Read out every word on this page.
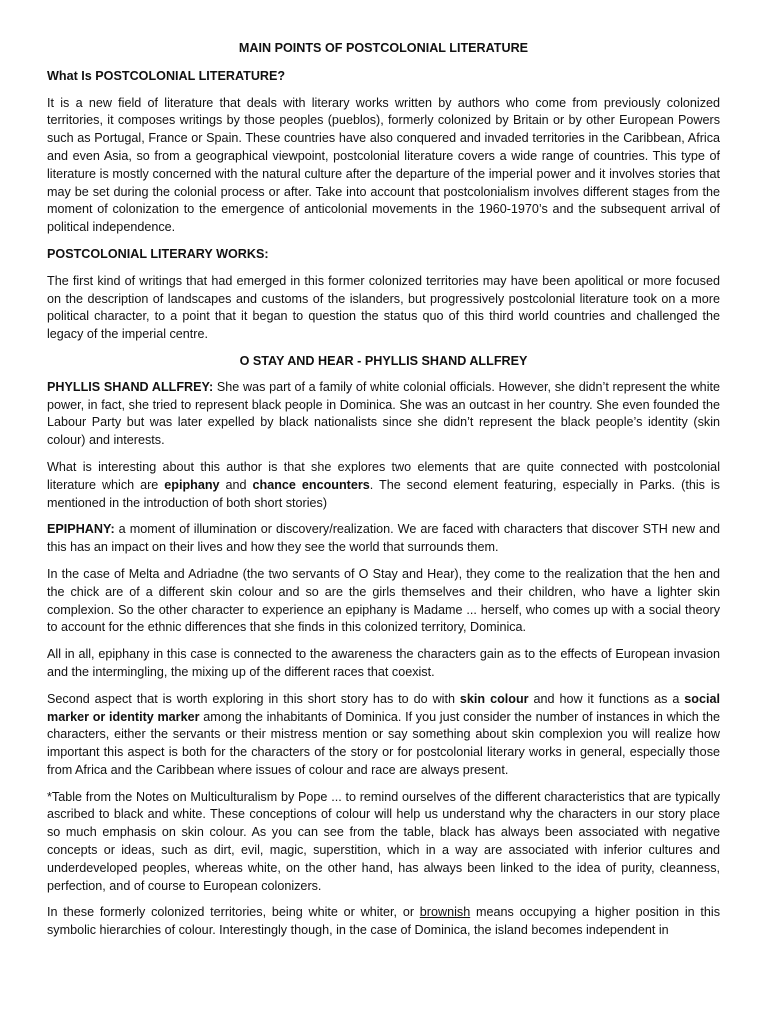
MAIN POINTS OF POSTCOLONIAL LITERATURE
What Is POSTCOLONIAL LITERATURE?

It is a new field of literature that deals with literary works written by authors who come from previously colonized territories, it composes writings by those peoples (pueblos), formerly colonized by Britain or by other European Powers such as Portugal, France or Spain. These countries have also conquered and invaded territories in the Caribbean, Africa and even Asia, so from a geographical viewpoint, postcolonial literature covers a wide range of countries. This type of literature is mostly concerned with the natural culture after the departure of the imperial power and it involves stories that may be set during the colonial process or after. Take into account that postcolonialism involves different stages from the moment of colonization to the emergence of anticolonial movements in the 1960-1970’s and the subsequent arrival of political independence.

POSTCOLONIAL LITERARY WORKS:

The first kind of writings that had emerged in this former colonized territories may have been apolitical or more focused on the description of landscapes and customs of the islanders, but progressively postcolonial literature took on a more political character, to a point that it began to question the status quo of this third world countries and challenged the legacy of the imperial centre.

O STAY AND HEAR - PHYLLIS SHAND ALLFREY

PHYLLIS SHAND ALLFREY: She was part of a family of white colonial officials. However, she didn’t represent the white power, in fact, she tried to represent black people in Dominica. She was an outcast in her country. She even founded the Labour Party but was later expelled by black nationalists since she didn’t represent the black people’s identity (skin colour) and interests.

What is interesting about this author is that she explores two elements that are quite connected with postcolonial literature which are epiphany and chance encounters. The second element featuring, especially in Parks. (this is mentioned in the introduction of both short stories)

EPIPHANY: a moment of illumination or discovery/realization. We are faced with characters that discover STH new and this has an impact on their lives and how they see the world that surrounds them.

In the case of Melta and Adriadne (the two servants of O Stay and Hear), they come to the realization that the hen and the chick are of a different skin colour and so are the girls themselves and their children, who have a lighter skin complexion. So the other character to experience an epiphany is Madame ... herself, who comes up with a social theory to account for the ethnic differences that she finds in this colonized territory, Dominica.

All in all, epiphany in this case is connected to the awareness the characters gain as to the effects of European invasion and the intermingling, the mixing up of the different races that coexist.

Second aspect that is worth exploring in this short story has to do with skin colour and how it functions as a social marker or identity marker among the inhabitants of Dominica. If you just consider the number of instances in which the characters, either the servants or their mistress mention or say something about skin complexion you will realize how important this aspect is both for the characters of the story or for postcolonial literary works in general, especially those from Africa and the Caribbean where issues of colour and race are always present.

*Table from the Notes on Multiculturalism by Pope ... to remind ourselves of the different characteristics that are typically ascribed to black and white. These conceptions of colour will help us understand why the characters in our story place so much emphasis on skin colour. As you can see from the table, black has always been associated with negative concepts or ideas, such as dirt, evil, magic, superstition, which in a way are associated with inferior cultures and underdeveloped peoples, whereas white, on the other hand, has always been linked to the idea of purity, cleanness, perfection, and of course to European colonizers.

In these formerly colonized territories, being white or whiter, or brownish means occupying a higher position in this symbolic hierarchies of colour. Interestingly though, in the case of Dominica, the island becomes independent in
